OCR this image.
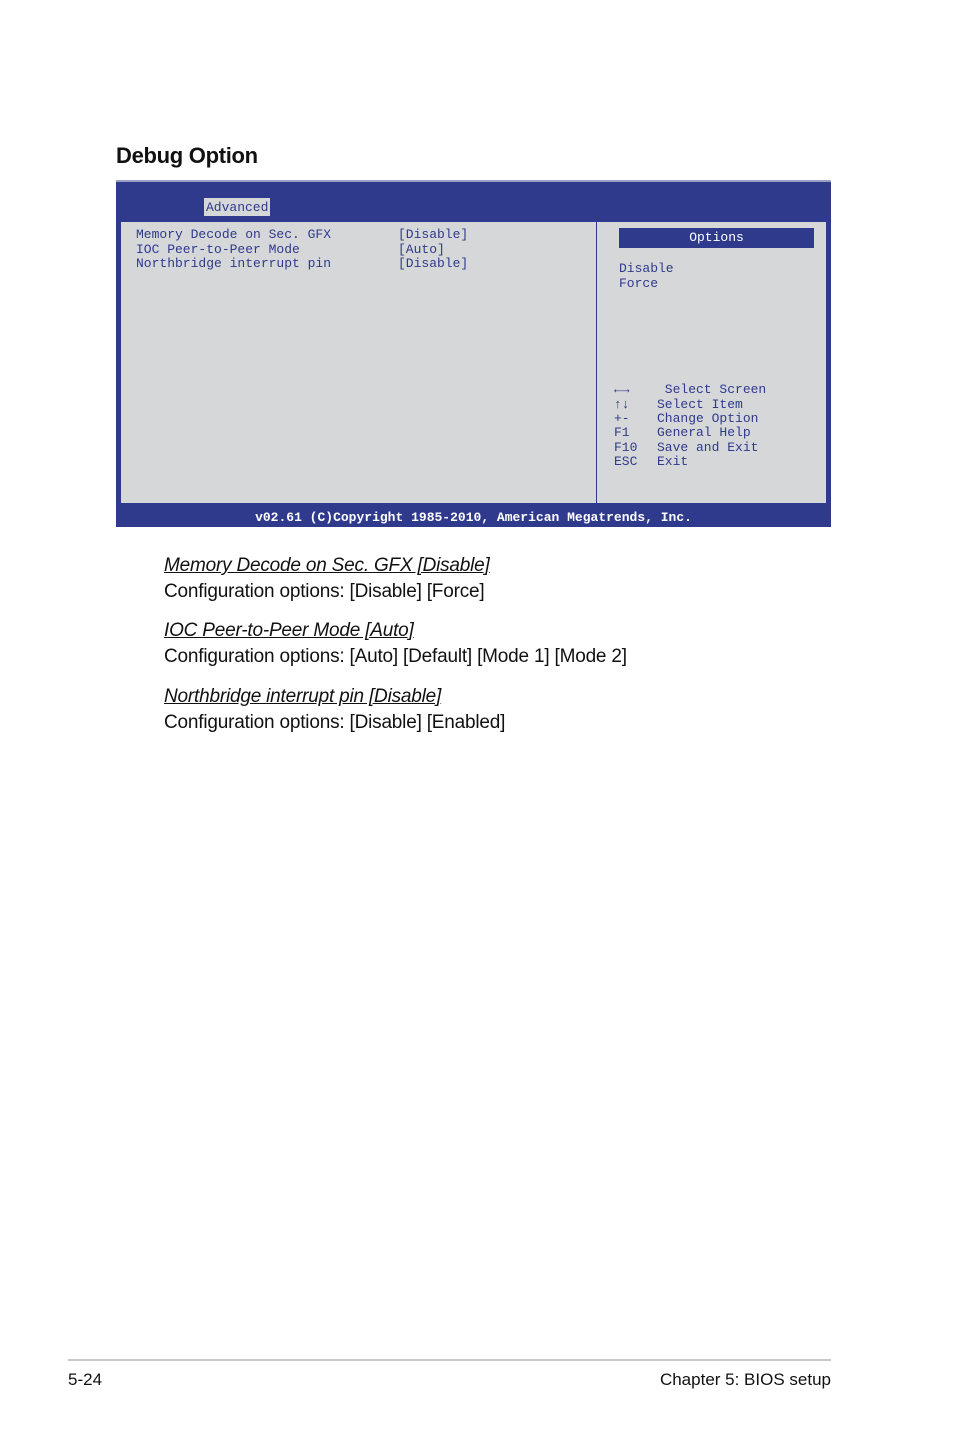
Debug Option
Advanced
Memory Decode on Sec. GFX	[Disable]
IOC Peer-to-Peer Mode	[Auto]
Northbridge interrupt pin	[Disable]
Options
Disable
Force
←→ Select Screen
↑↓ Select Item
+- Change Option
F1 General Help
F10 Save and Exit
ESC Exit
v02.61 (C)Copyright 1985-2010, American Megatrends, Inc.
Memory Decode on Sec. GFX [Disable]
Configuration options: [Disable] [Force]
IOC Peer-to-Peer Mode [Auto]
Configuration options: [Auto] [Default] [Mode 1] [Mode 2]
Northbridge interrupt pin [Disable]
Configuration options: [Disable] [Enabled]
5-24	Chapter 5: BIOS setup
